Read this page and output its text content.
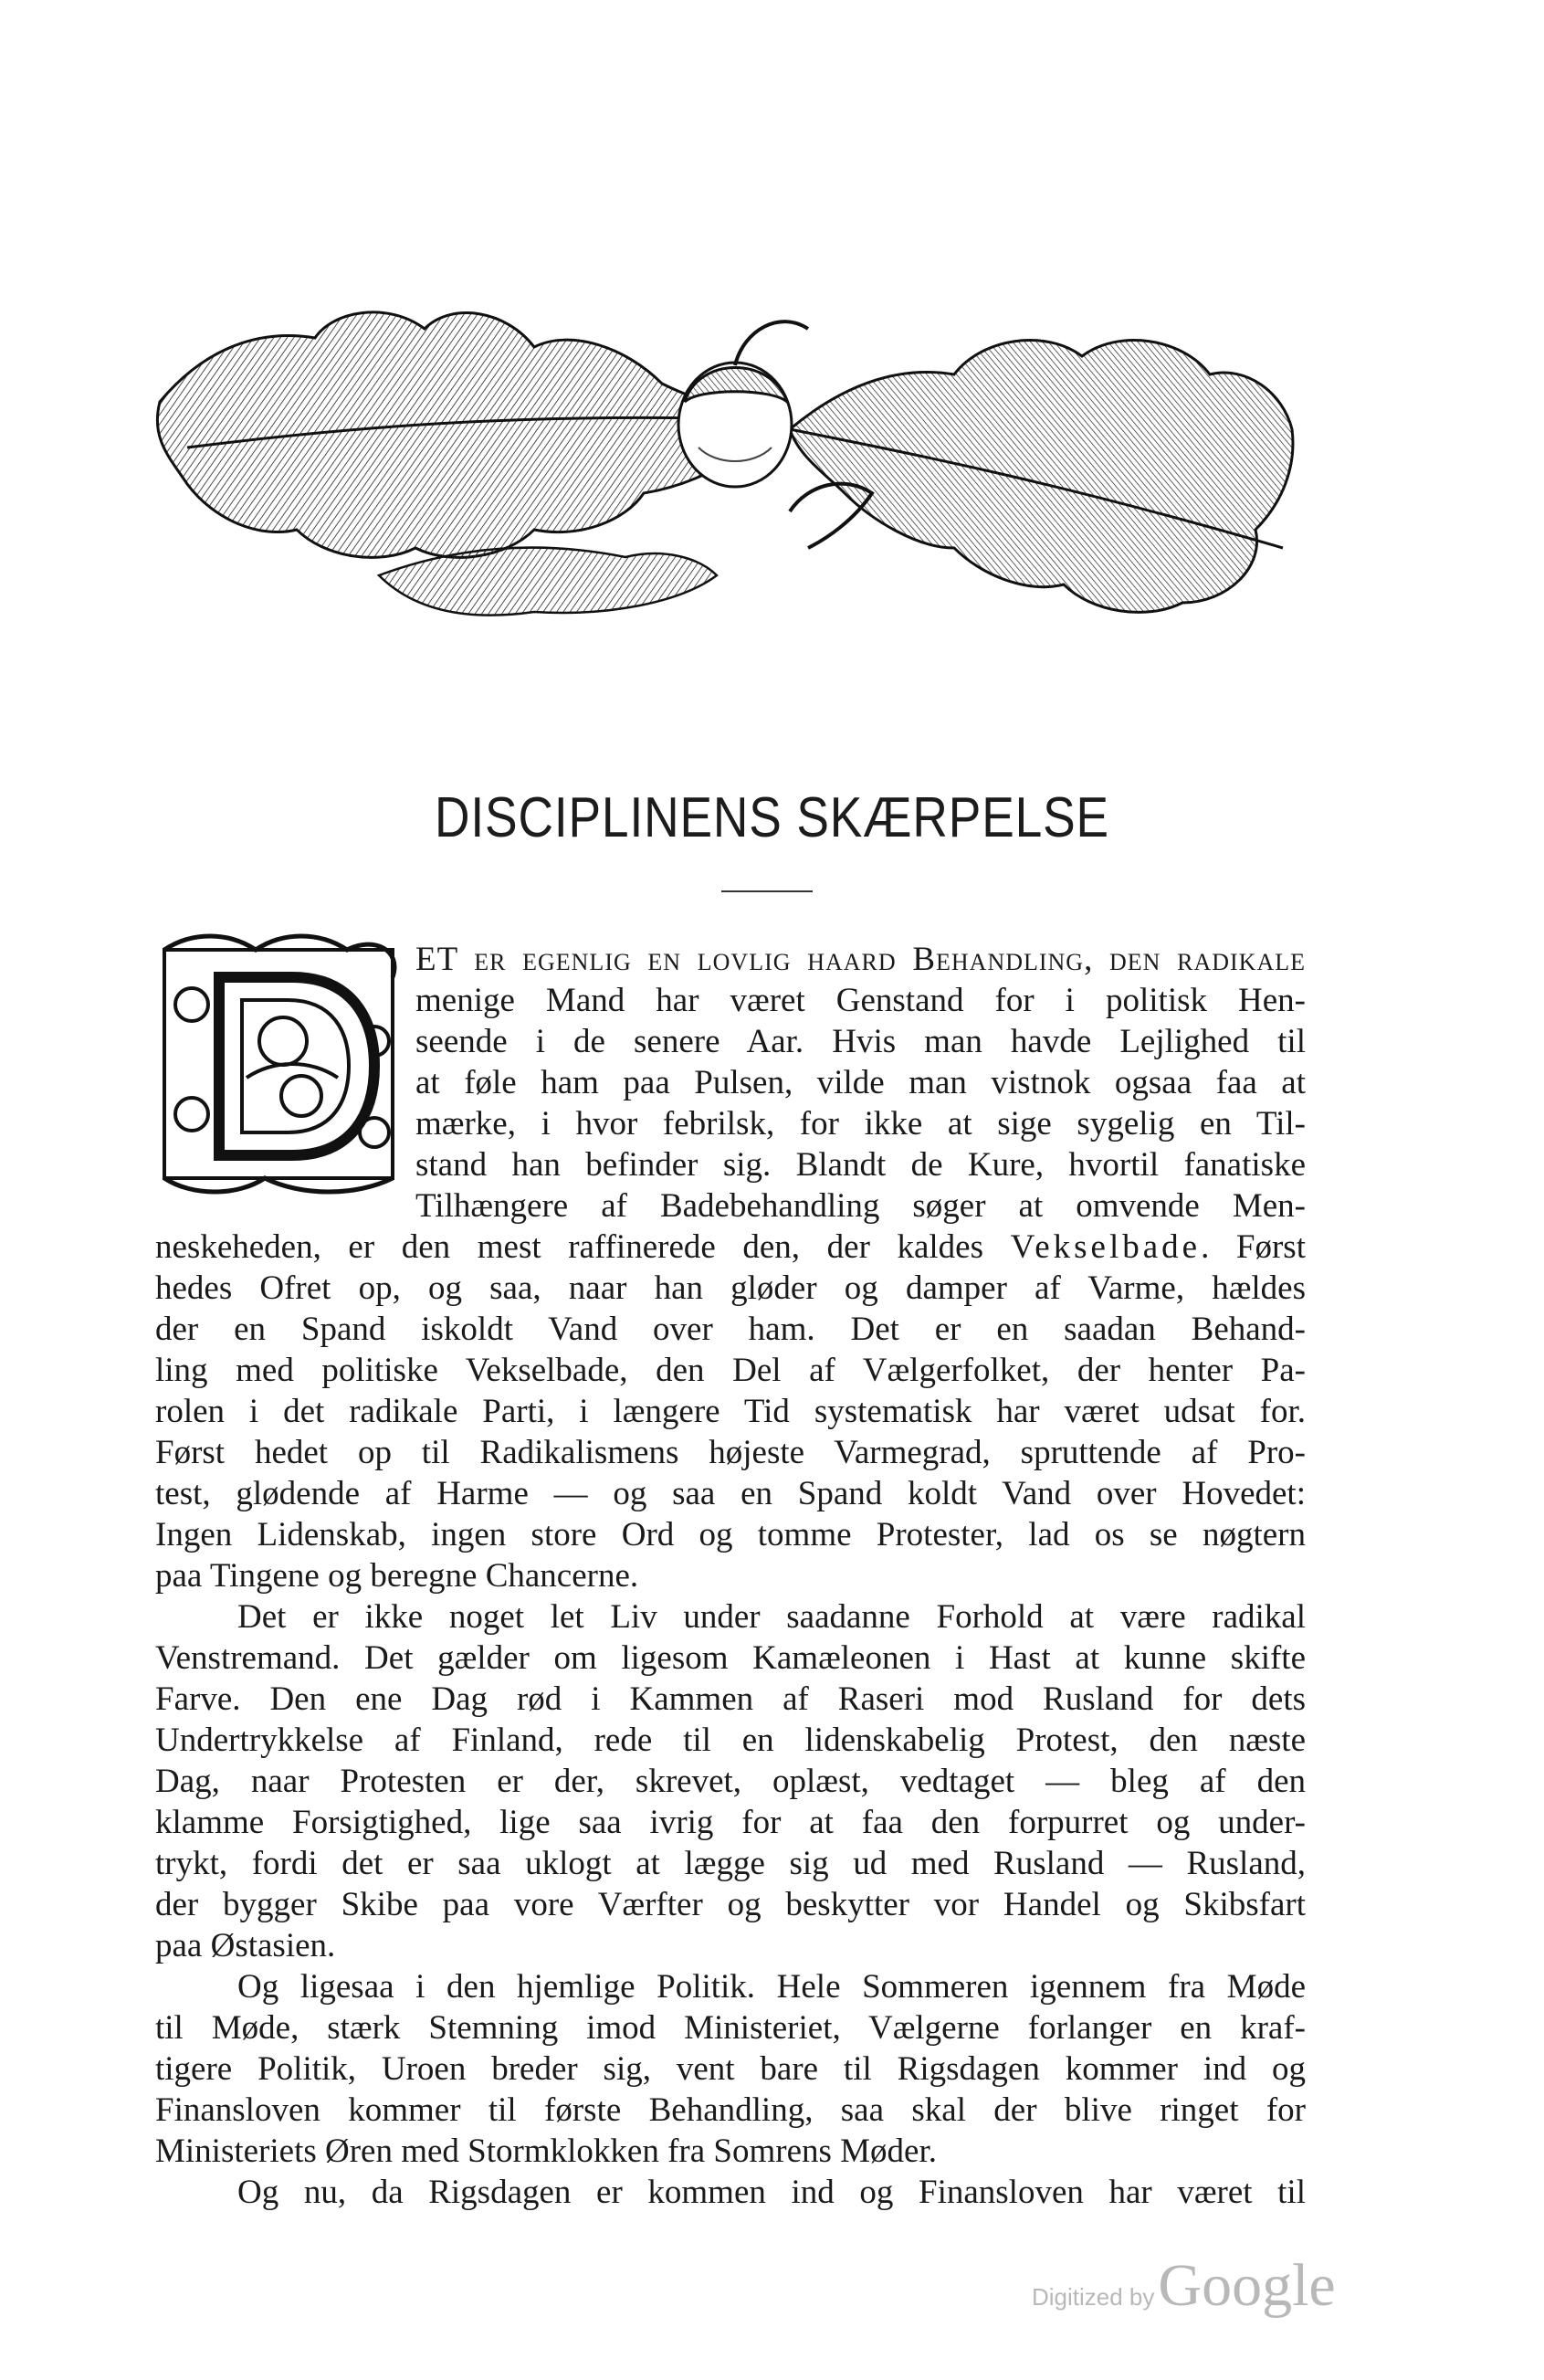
DISCIPLINENS SKÆRPELSE
ET er egenlig en lovlig haard Behandling, den radikale
menige Mand har været Genstand for i politisk Hen-
seende i de senere Aar. Hvis man havde Lejlighed til
at føle ham paa Pulsen, vilde man vistnok ogsaa faa at
mærke, i hvor febrilsk, for ikke at sige sygelig en Til-
stand han befinder sig. Blandt de Kure, hvortil fanatiske
Tilhængere af Badebehandling søger at omvende Men-
neskeheden, er den mest raffinerede den, der kaldes Vekselbade. Først
hedes Ofret op, og saa, naar han gløder og damper af Varme, hældes
der en Spand iskoldt Vand over ham. Det er en saadan Behand-
ling med politiske Vekselbade, den Del af Vælgerfolket, der henter Pa-
rolen i det radikale Parti, i længere Tid systematisk har været udsat for.
Først hedet op til Radikalismens højeste Varmegrad, spruttende af Pro-
test, glødende af Harme — og saa en Spand koldt Vand over Hovedet:
Ingen Lidenskab, ingen store Ord og tomme Protester, lad os se nøgtern
paa Tingene og beregne Chancerne.
Det er ikke noget let Liv under saadanne Forhold at være radikal
Venstremand. Det gælder om ligesom Kamæleonen i Hast at kunne skifte
Farve. Den ene Dag rød i Kammen af Raseri mod Rusland for dets
Undertrykkelse af Finland, rede til en lidenskabelig Protest, den næste
Dag, naar Protesten er der, skrevet, oplæst, vedtaget — bleg af den
klamme Forsigtighed, lige saa ivrig for at faa den forpurret og under-
trykt, fordi det er saa uklogt at lægge sig ud med Rusland — Rusland,
der bygger Skibe paa vore Værfter og beskytter vor Handel og Skibsfart
paa Østasien.
Og ligesaa i den hjemlige Politik. Hele Sommeren igennem fra Møde
til Møde, stærk Stemning imod Ministeriet, Vælgerne forlanger en kraf-
tigere Politik, Uroen breder sig, vent bare til Rigsdagen kommer ind og
Finansloven kommer til første Behandling, saa skal der blive ringet for
Ministeriets Øren med Stormklokken fra Somrens Møder.
Og nu, da Rigsdagen er kommen ind og Finansloven har været til
Digitized by Google
